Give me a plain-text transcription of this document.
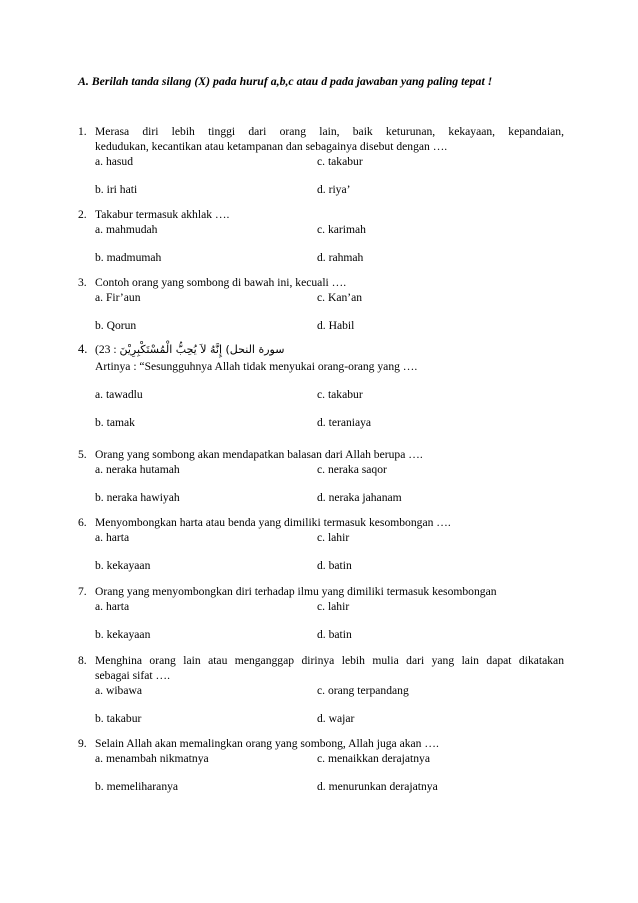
A. Berilah tanda silang (X) pada huruf a,b,c atau d pada jawaban yang paling tepat !
1. Merasa diri lebih tinggi dari orang lain, baik keturunan, kekayaan, kepandaian,
kedudukan, kecantikan atau ketampanan dan sebagainya disebut dengan ….
a. hasud	c. takabur
b. iri hati	d. riya’
2. Takabur termasuk akhlak ….
a. mahmudah	c. karimah
b. madmumah	d. rahmah
3. Contoh orang yang sombong di bawah ini, kecuali ….
a. Fir’aun	c. Kan’an
b. Qorun	d. Habil
4. (23 : سورة النحل) إِنَّهُ لاَ يُحِبُّ الْمُسْتَكْبِرِيْنَ
Artinya : “Sesungguhnya Allah tidak menyukai orang-orang yang ….
a. tawadlu	c. takabur
b. tamak	d. teraniaya
5. Orang yang sombong akan mendapatkan balasan dari Allah berupa ….
a. neraka hutamah	c. neraka saqor
b. neraka hawiyah	d. neraka jahanam
6. Menyombongkan harta atau benda yang dimiliki termasuk kesombongan ….
a. harta	c. lahir
b. kekayaan	d. batin
7. Orang yang menyombongkan diri terhadap ilmu yang dimiliki termasuk kesombongan
a. harta	c. lahir
b. kekayaan	d. batin
8. Menghina orang lain atau menganggap dirinya lebih mulia dari yang lain dapat dikatakan
sebagai sifat ….
a. wibawa	c. orang terpandang
b. takabur	d. wajar
9. Selain Allah akan memalingkan orang yang sombong, Allah juga akan ….
a. menambah nikmatnya	c. menaikkan derajatnya
b. memeliharanya	d. menurunkan derajatnya
